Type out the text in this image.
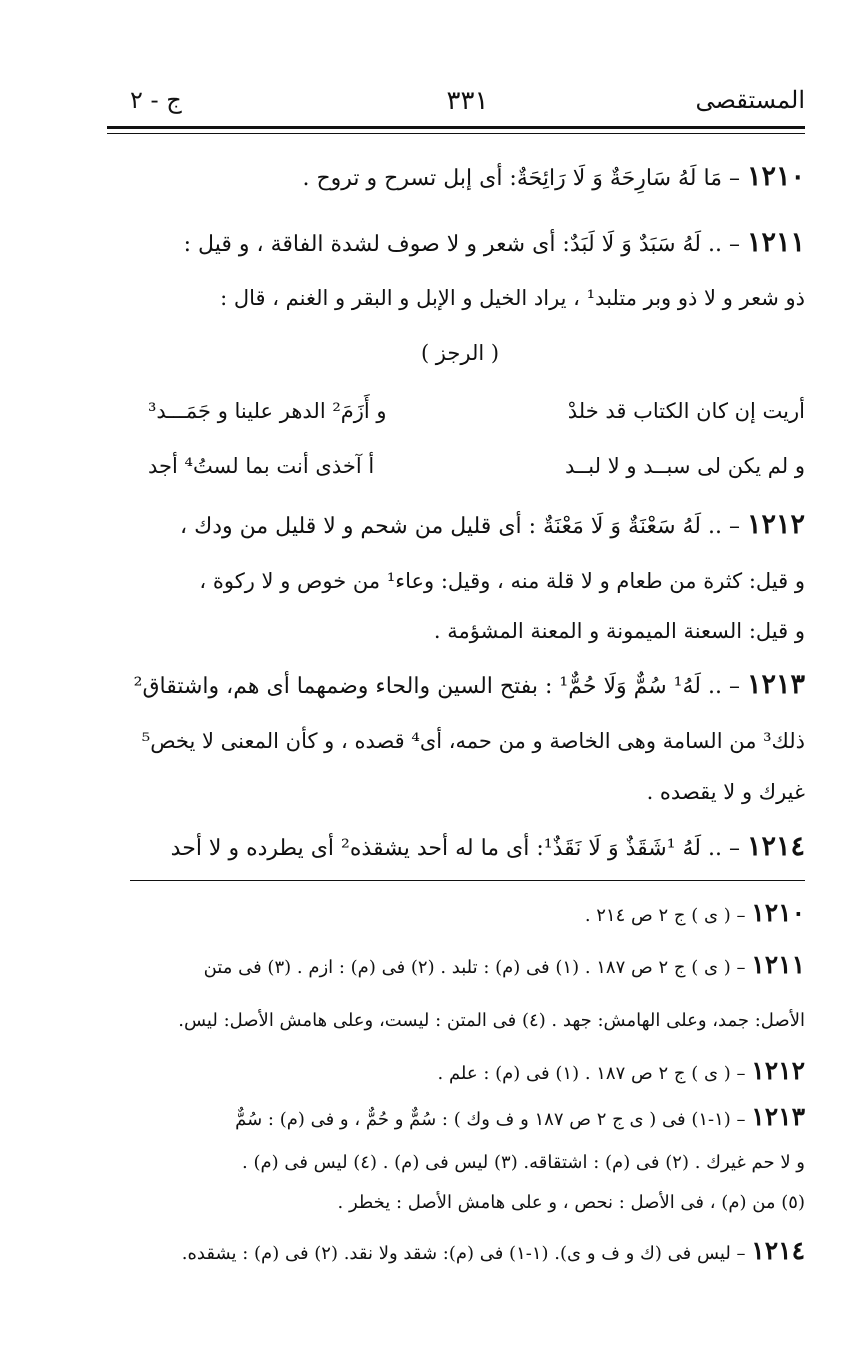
المستقصى
٣٣١
ج - ٢
١٢١٠ – مَا لَهُ سَارِحَةٌ وَ لَا رَائِحَةٌ: أى إبل تسرح و تروح .
١٢١١ – .. لَهُ سَبَدٌ وَ لَا لَبَدٌ: أى شعر و لا صوف لشدة الفاقة ، و قيل :
ذو شعر و لا ذو وبر متلبد¹ ، يراد الخيل و الإبل و البقر و الغنم ، قال :
( الرجز )
أريت إن كان الكتاب قد خلدْ
و أَزَمَ² الدهر علينا و جَمَـــد³
و لم يكن لى سبــد و لا لبــد
أ آخذى أنت بما لستُ⁴ أجد
١٢١٢ – .. لَهُ سَعْنَةٌ وَ لَا مَعْنَةٌ : أى قليل من شحم و لا قليل من ودك ،
و قيل: كثرة من طعام و لا قلة منه ، وقيل: وعاء¹ من خوص و لا ركوة ،
و قيل: السعنة الميمونة و المعنة المشؤمة .
١٢١٣ – .. لَهُ¹ سُمٌّ وَلَا حُمٌّ¹ : بفتح السين والحاء وضمهما أى هم، واشتقاق²
ذلك³ من السامة وهى الخاصة و من حمه، أى⁴ قصده ، و كأن المعنى لا يخص⁵
غيرك و لا يقصده .
١٢١٤ – .. لَهُ ¹شَقَذٌ وَ لَا نَقَذٌ¹: أى ما له أحد يشقذه² أى يطرده و لا أحد
١٢١٠ – ( ى ) ج ٢ ص ٢١٤ .
١٢١١ – ( ى ) ج ٢ ص ١٨٧ . (١) فى (م) : تلبد . (٢) فى (م) : ازم . (٣) فى متن
الأصل: جمد، وعلى الهامش: جهد . (٤) فى المتن : ليست، وعلى هامش الأصل: ليس.
١٢١٢ – ( ى ) ج ٢ ص ١٨٧ . (١) فى (م) : علم .
١٢١٣ – (١-١) فى ( ى ج ٢ ص ١٨٧ و ف وك ) : سُمٌّ و حُمٌّ ، و فى (م) : سُمٌّ
و لا حم غيرك . (٢) فى (م) : اشتقاقه. (٣) ليس فى (م) . (٤) ليس فى (م) .
(٥) من (م) ، فى الأصل : نحص ، و على هامش الأصل : يخطر .
١٢١٤ – ليس فى (ك و ف و ى). (١-١) فى (م): شقد ولا نقد. (٢) فى (م) : يشقده.
